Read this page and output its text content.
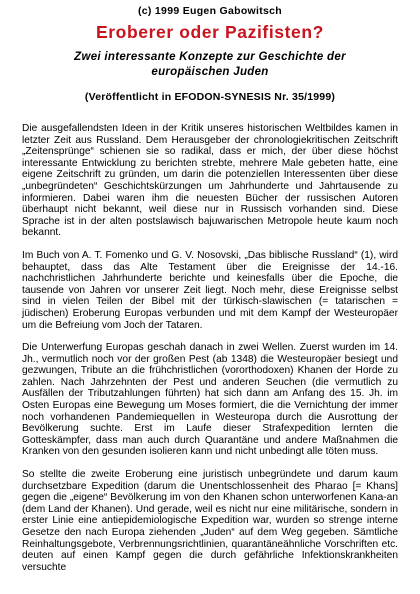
(c) 1999 Eugen Gabowitsch
Eroberer oder Pazifisten?
Zwei interessante Konzepte zur Geschichte der europäischen Juden
(Veröffentlicht in EFODON-SYNESIS Nr. 35/1999)

Die ausgefallendsten Ideen in der Kritik unseres historischen Weltbildes kamen in letzter Zeit aus Russland. Dem Herausgeber der chronologiekritischen Zeitschrift „Zeitensprünge“ schienen sie so radikal, dass er mich, der über diese höchst interessante Entwicklung zu berichten strebte, mehrere Male gebeten hatte, eine eigene Zeitschrift zu gründen, um darin die potenziellen Interessenten über diese „unbegründeten“ Geschichtskürzungen um Jahrhunderte und Jahrtausende zu informieren. Dabei waren ihm die neuesten Bücher der russischen Autoren überhaupt nicht bekannt, weil diese nur in Russisch vorhanden sind. Diese Sprache ist in der alten postslawisch bajuwarischen Metropole heute kaum noch bekannt.

Im Buch von A. T. Fomenko und G. V. Nosovski, „Das biblische Russland“ (1), wird behauptet, dass das Alte Testament über die Ereignisse der 14.-16. nachchristlichen Jahrhunderte berichte und keinesfalls über die Epoche, die tausende von Jahren vor unserer Zeit liegt. Noch mehr, diese Ereignisse selbst sind in vielen Teilen der Bibel mit der türkisch-slawischen (= tatarischen = jüdischen) Eroberung Europas verbunden und mit dem Kampf der Westeuropäer um die Befreiung vom Joch der Tataren.

Die Unterwerfung Europas geschah danach in zwei Wellen. Zuerst wurden im 14. Jh., vermutlich noch vor der großen Pest (ab 1348) die Westeuropäer besiegt und gezwungen, Tribute an die frühchristlichen (vororthodoxen) Khanen der Horde zu zahlen. Nach Jahrzehnten der Pest und anderen Seuchen (die vermutlich zu Ausfällen der Tributzahlungen führten) hat sich dann am Anfang des 15. Jh. im Osten Europas eine Bewegung um Moses formiert, die die Vernichtung der immer noch vorhandenen Pandemiequellen in Westeuropa durch die Ausrottung der Bevölkerung suchte. Erst im Laufe dieser Strafexpedition lernten die Gotteskämpfer, dass man auch durch Quarantäne und andere Maßnahmen die Kranken von den gesunden isolieren kann und nicht unbedingt alle töten muss.

So stellte die zweite Eroberung eine juristisch unbegründete und darum kaum durchsetzbare Expedition (darum die Unentschlossenheit des Pharao [= Khans] gegen die „eigene“ Bevölkerung im von den Khanen schon unterworfenen Kana-an (dem Land der Khanen). Und gerade, weil es nicht nur eine militärische, sondern in erster Linie eine antiepidemiologische Expedition war, wurden so strenge interne Gesetze den nach Europa ziehenden „Juden“ auf dem Weg gegeben. Sämtliche Reinhaltungsgebote, Verbrennungsrichtlinien, quarantäneähnliche Vorschriften etc. deuten auf einen Kampf gegen die durch gefährliche Infektionskrankheiten versuchte
